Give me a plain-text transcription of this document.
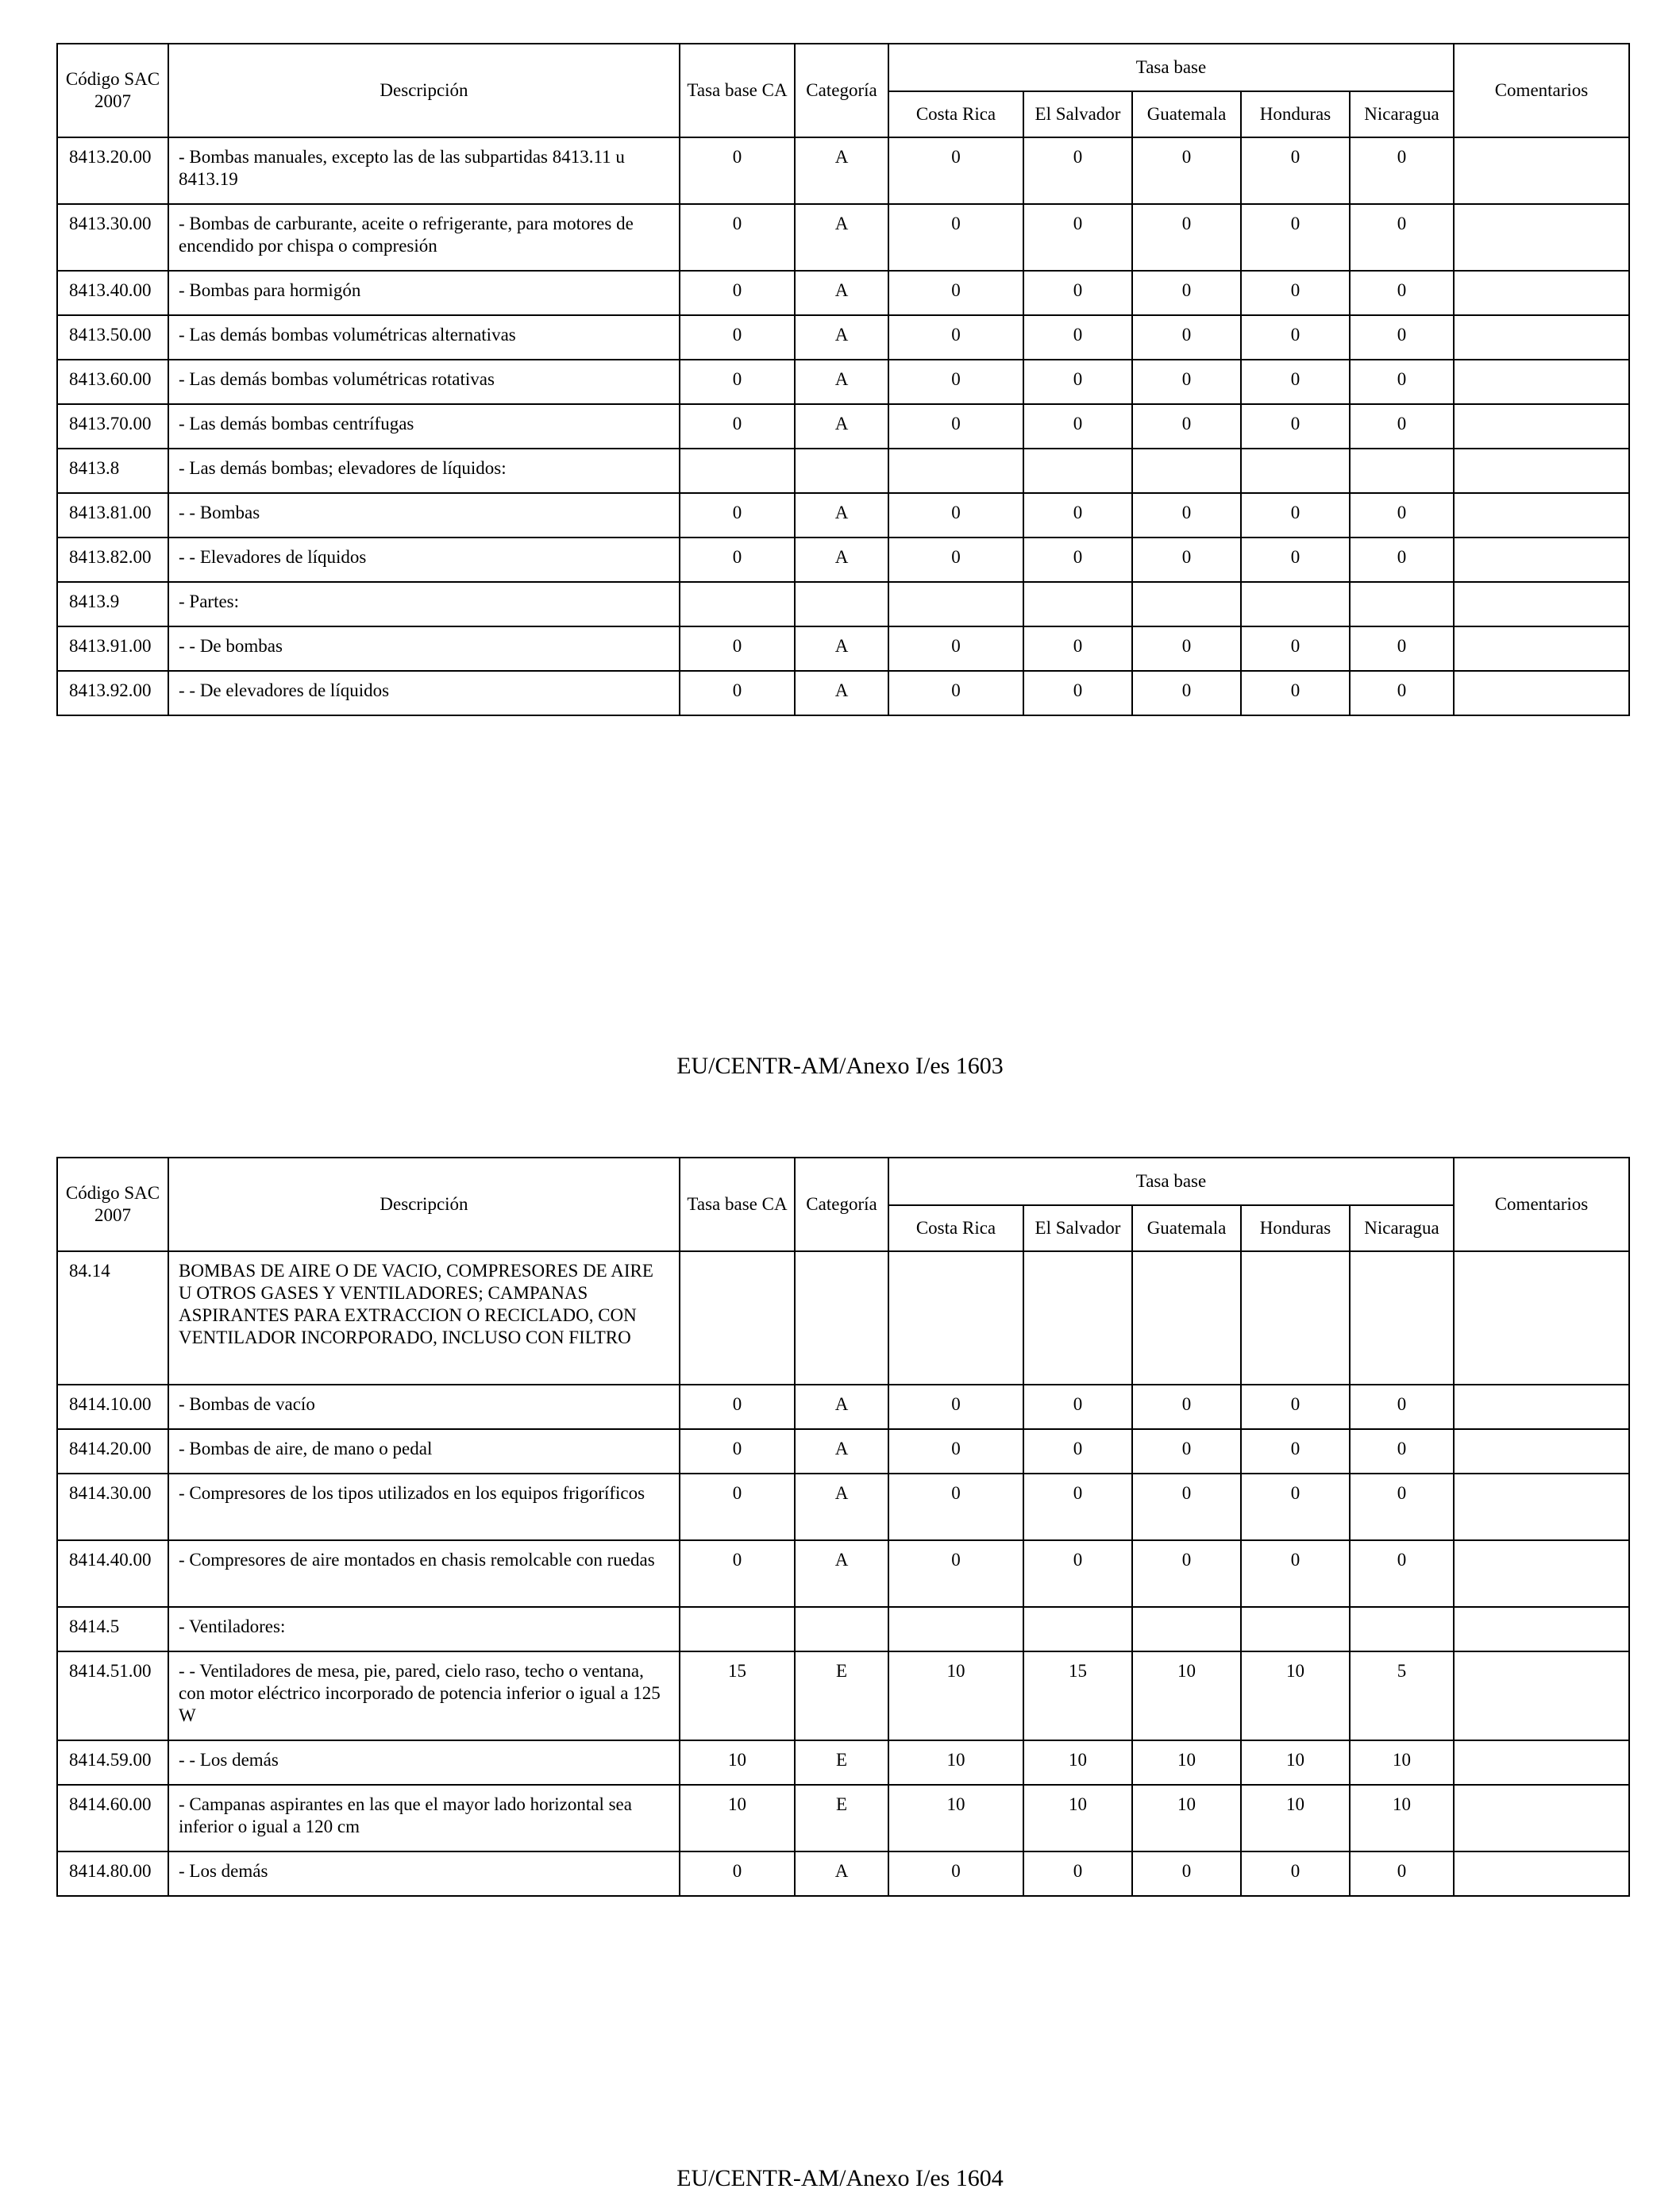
Código SAC 2007	Descripción	Tasa base CA	Categoría	Tasa base					Comentarios
				Costa Rica	El Salvador	Guatemala	Honduras	Nicaragua	
8413.20.00	- Bombas manuales, excepto las de las subpartidas 8413.11 u 8413.19	0	A	0	0	0	0	0	
8413.30.00	- Bombas de carburante, aceite o refrigerante, para motores de encendido por chispa o compresión	0	A	0	0	0	0	0	
8413.40.00	- Bombas para hormigón	0	A	0	0	0	0	0	
8413.50.00	- Las demás bombas volumétricas alternativas	0	A	0	0	0	0	0	
8413.60.00	- Las demás bombas volumétricas rotativas	0	A	0	0	0	0	0	
8413.70.00	- Las demás bombas centrífugas	0	A	0	0	0	0	0	
8413.8	- Las demás bombas; elevadores de líquidos:								
8413.81.00	- - Bombas	0	A	0	0	0	0	0	
8413.82.00	- - Elevadores de líquidos	0	A	0	0	0	0	0	
8413.9	- Partes:								
8413.91.00	- - De bombas	0	A	0	0	0	0	0	
8413.92.00	- - De elevadores de líquidos	0	A	0	0	0	0	0	
EU/CENTR-AM/Anexo I/es 1603
Código SAC 2007	Descripción	Tasa base CA	Categoría	Tasa base					Comentarios
				Costa Rica	El Salvador	Guatemala	Honduras	Nicaragua	
84.14	BOMBAS DE AIRE O DE VACIO, COMPRESORES DE AIRE U OTROS GASES Y VENTILADORES; CAMPANAS ASPIRANTES PARA EXTRACCION O RECICLADO, CON VENTILADOR INCORPORADO, INCLUSO CON FILTRO								
8414.10.00	- Bombas de vacío	0	A	0	0	0	0	0	
8414.20.00	- Bombas de aire, de mano o pedal	0	A	0	0	0	0	0	
8414.30.00	- Compresores de los tipos utilizados en los equipos frigoríficos	0	A	0	0	0	0	0	
8414.40.00	- Compresores de aire montados en chasis remolcable con ruedas	0	A	0	0	0	0	0	
8414.5	- Ventiladores:								
8414.51.00	- - Ventiladores de mesa, pie, pared, cielo raso, techo o ventana, con motor eléctrico incorporado de potencia inferior o igual a 125 W	15	E	10	15	10	10	5	
8414.59.00	- - Los demás	10	E	10	10	10	10	10	
8414.60.00	- Campanas aspirantes en las que el mayor lado horizontal sea inferior o igual a 120 cm	10	E	10	10	10	10	10	
8414.80.00	- Los demás	0	A	0	0	0	0	0	
EU/CENTR-AM/Anexo I/es 1604
